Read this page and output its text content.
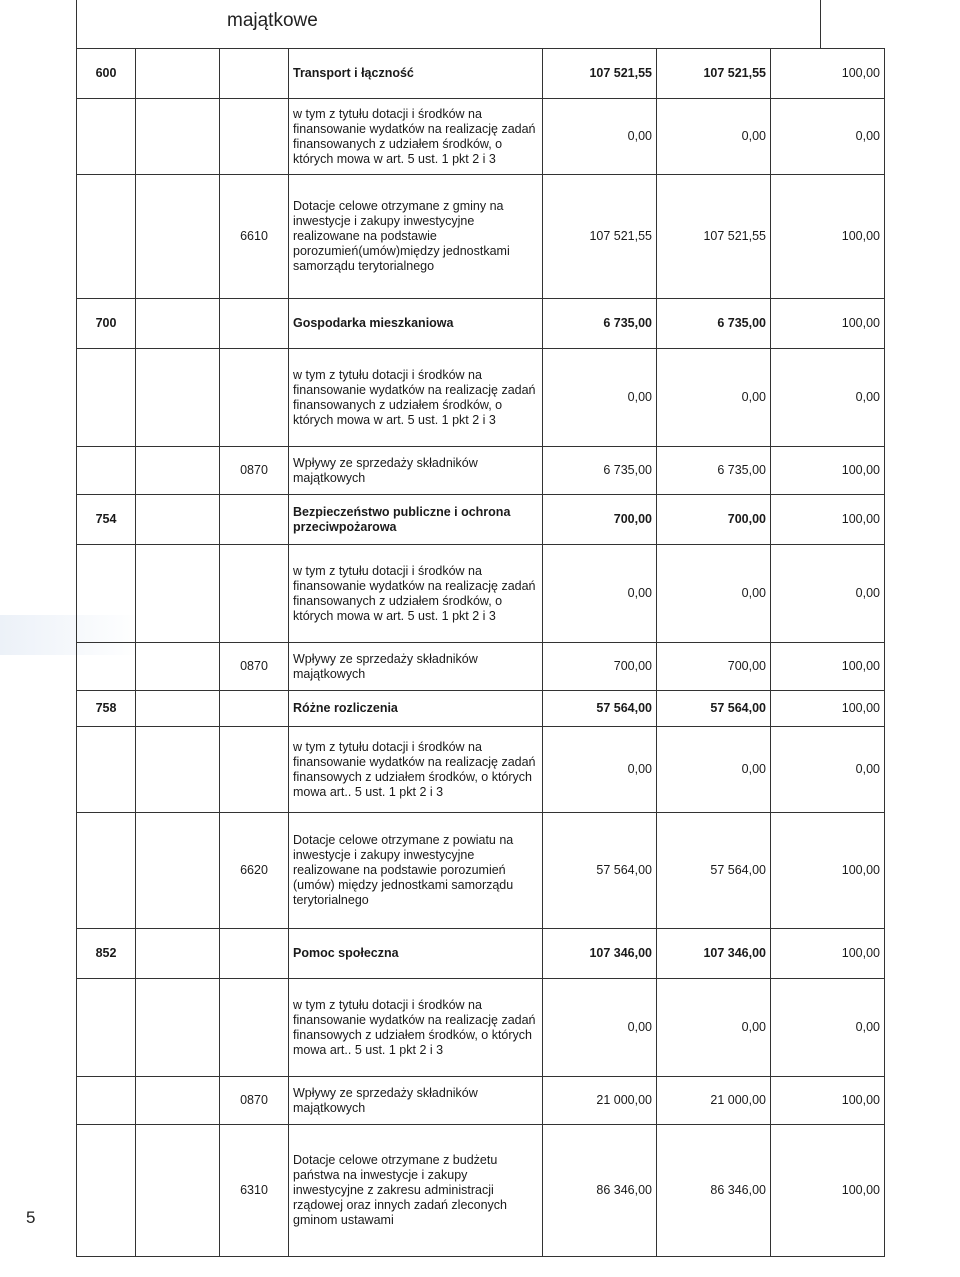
majątkowe
600			Transport i łączność	107 521,55	107 521,55	100,00
			w tym z tytułu dotacji i środków na finansowanie wydatków na realizację zadań finansowanych z udziałem środków, o których mowa w art. 5 ust. 1 pkt 2 i 3	0,00	0,00	0,00
		6610	Dotacje celowe otrzymane z gminy na inwestycje i zakupy inwestycyjne realizowane na podstawie porozumień(umów)między jednostkami samorządu terytorialnego	107 521,55	107 521,55	100,00
700			Gospodarka mieszkaniowa	6 735,00	6 735,00	100,00
			w tym z tytułu dotacji i środków na finansowanie wydatków na realizację zadań finansowanych z udziałem środków, o których mowa w art. 5 ust. 1 pkt 2 i 3	0,00	0,00	0,00
		0870	Wpływy ze sprzedaży składników majątkowych	6 735,00	6 735,00	100,00
754			Bezpieczeństwo publiczne i ochrona przeciwpożarowa	700,00	700,00	100,00
			w tym z tytułu dotacji i środków na finansowanie wydatków na realizację zadań finansowanych z udziałem środków, o których mowa w art. 5 ust. 1 pkt 2 i 3	0,00	0,00	0,00
		0870	Wpływy ze sprzedaży składników majątkowych	700,00	700,00	100,00
758			Różne rozliczenia	57 564,00	57 564,00	100,00
			w tym z tytułu dotacji i środków na finansowanie wydatków na realizację zadań finansowych z udziałem środków, o których mowa art.. 5 ust. 1 pkt 2 i 3	0,00	0,00	0,00
		6620	Dotacje celowe otrzymane z powiatu na inwestycje i zakupy inwestycyjne realizowane na podstawie porozumień (umów) między jednostkami samorządu terytorialnego	57 564,00	57 564,00	100,00
852			Pomoc społeczna	107 346,00	107 346,00	100,00
			w tym z tytułu dotacji i środków na finansowanie wydatków na realizację zadań finansowych z udziałem środków, o których mowa art.. 5 ust. 1 pkt 2 i 3	0,00	0,00	0,00
		0870	Wpływy ze sprzedaży składników majątkowych	21 000,00	21 000,00	100,00
		6310	Dotacje celowe otrzymane z budżetu państwa na inwestycje i zakupy inwestycyjne z zakresu administracji rządowej oraz innych zadań zleconych gminom ustawami	86 346,00	86 346,00	100,00
5
